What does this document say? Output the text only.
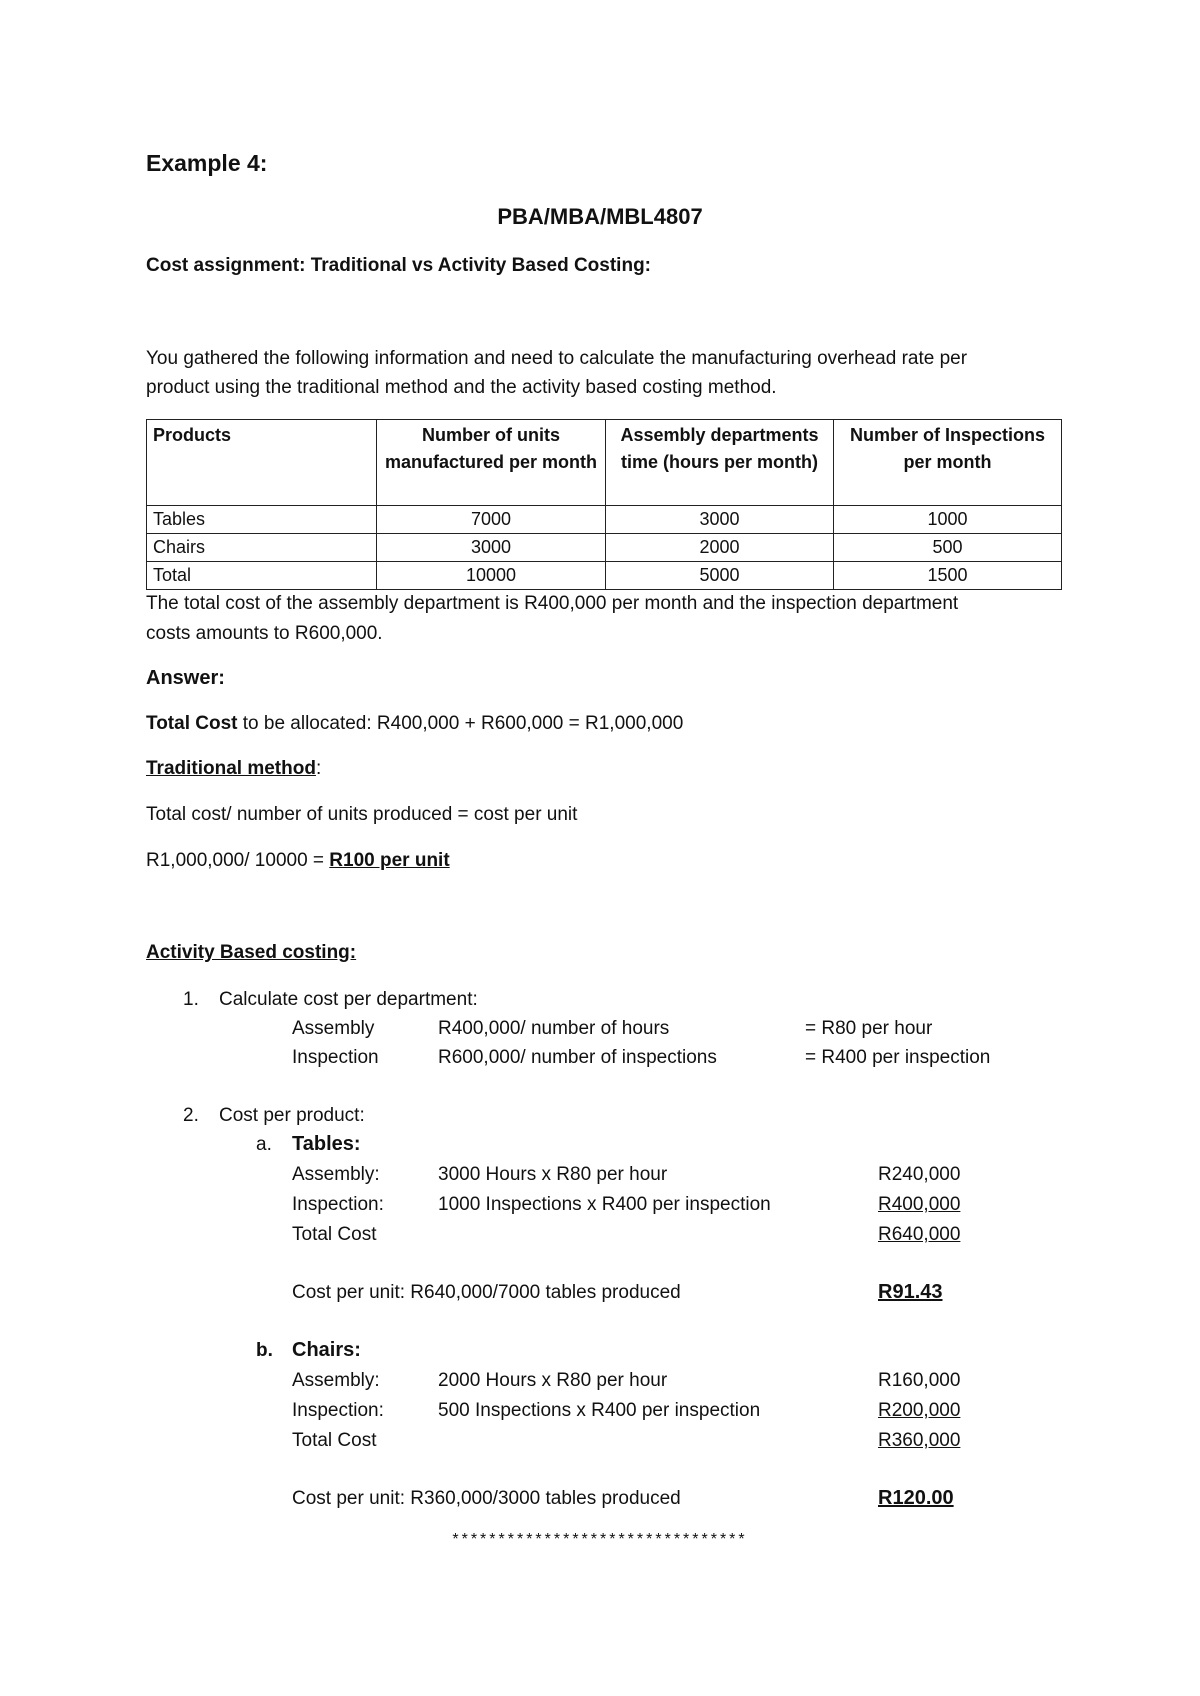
Example 4:
PBA/MBA/MBL4807
Cost assignment: Traditional vs Activity Based Costing:
You gathered the following information and need to calculate the manufacturing overhead rate per
product using the traditional method and the activity based costing method.
Products	Number of units manufactured per month	Assembly departments time (hours per month)	Number of Inspections per month
Tables	7000	3000	1000
Chairs	3000	2000	500
Total	10000	5000	1500
The total cost of the assembly department is R400,000 per month and the inspection department
costs amounts to R600,000.
Answer:
Total Cost to be allocated: R400,000 + R600,000 = R1,000,000
Traditional method:
Total cost/ number of units produced = cost per unit
R1,000,000/ 10000 = R100 per unit
Activity Based costing:
1. Calculate cost per department:
Assembly	R400,000/ number of hours	= R80 per hour
Inspection	R600,000/ number of inspections	= R400 per inspection
2. Cost per product:
a. Tables:
Assembly:	3000 Hours x R80 per hour	R240,000
Inspection:	1000 Inspections x R400 per inspection	R400,000
Total Cost	R640,000
Cost per unit: R640,000/7000 tables produced	R91.43
b. Chairs:
Assembly:	2000 Hours x R80 per hour	R160,000
Inspection:	500 Inspections x R400 per inspection	R200,000
Total Cost	R360,000
Cost per unit: R360,000/3000 tables produced	R120.00
********************************
